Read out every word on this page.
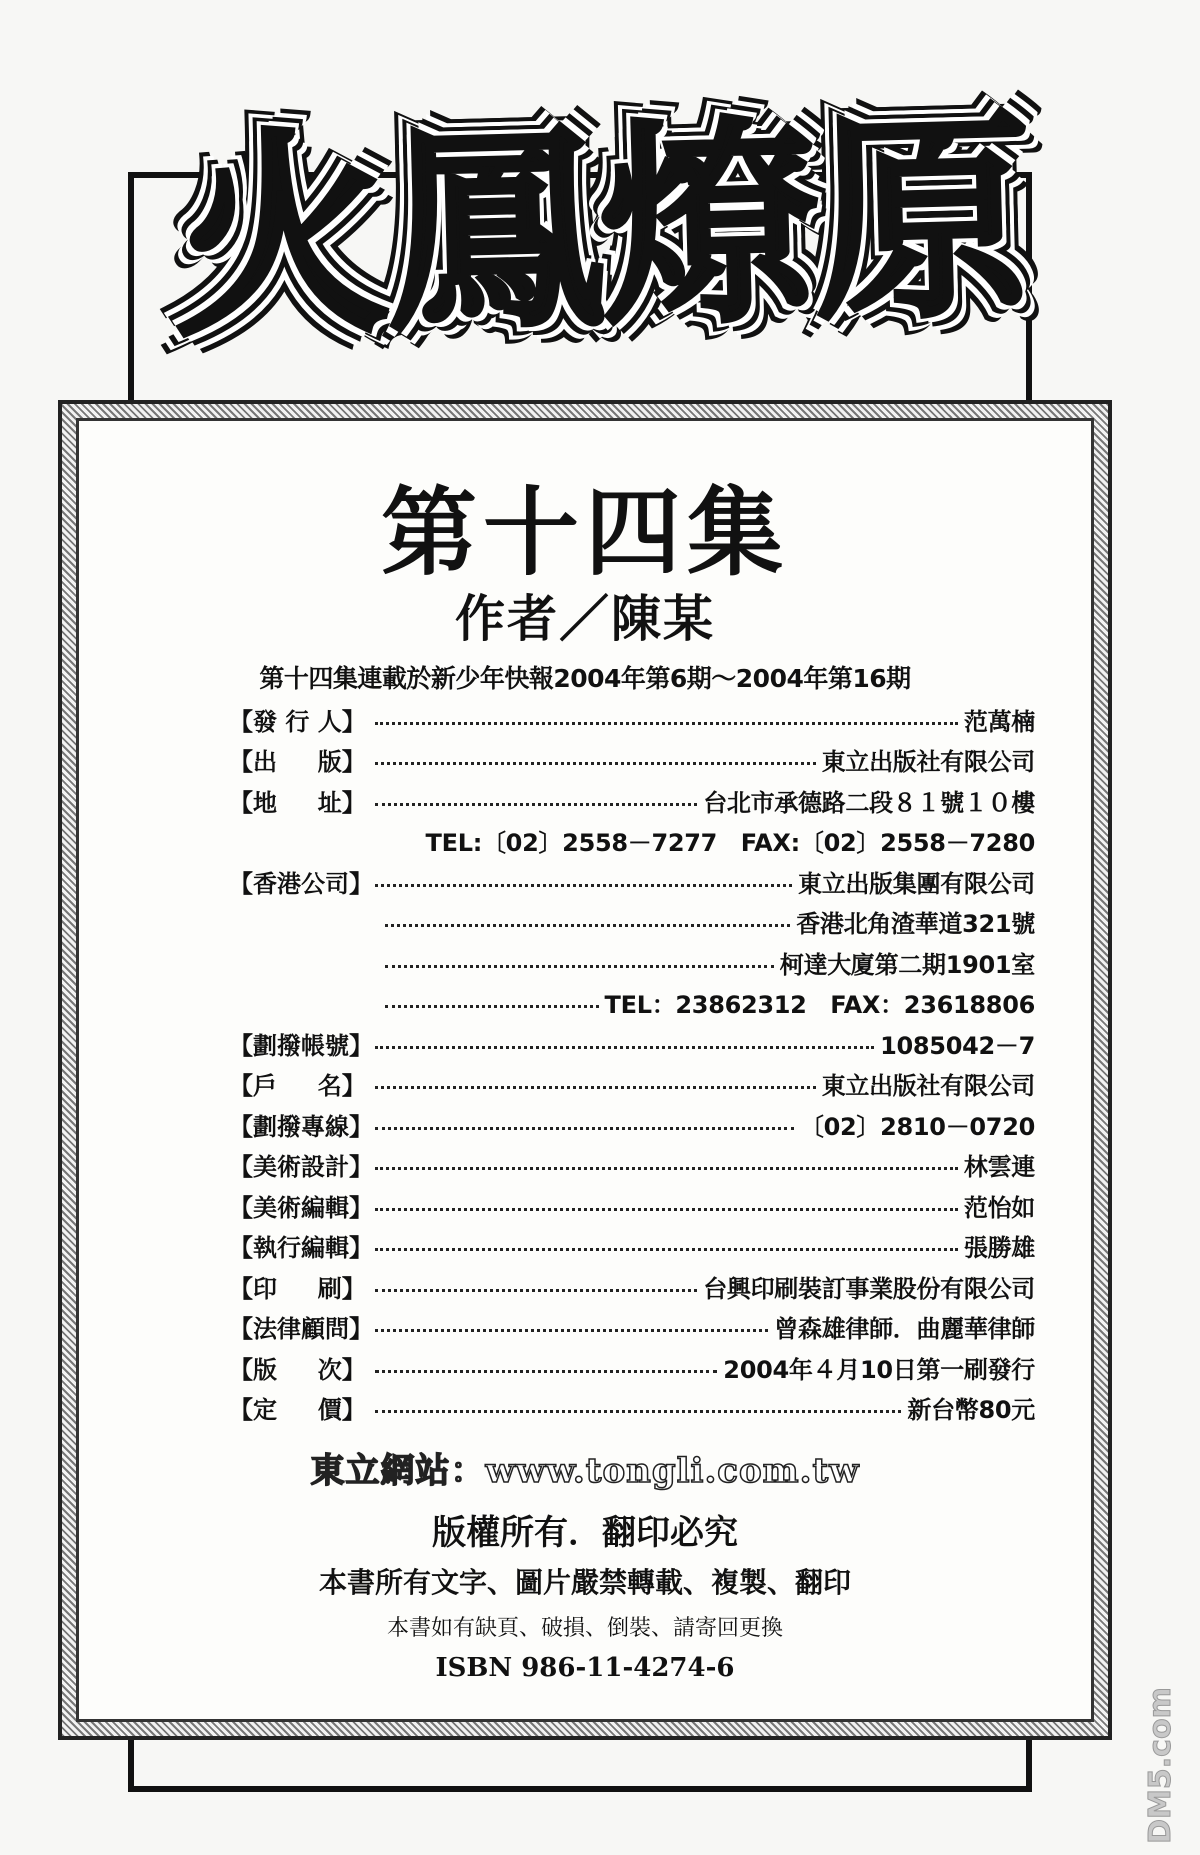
火鳳燎原
第十四集
作者／陳某
第十四集連載於新少年快報2004年第6期～2004年第16期
【發 行 人】	范萬楠
【出 　 版】	東立出版社有限公司
【地 　 址】	台北市承德路二段８１號１０樓
TEL:〔02〕2558－7277　FAX:〔02〕2558－7280
【香港公司】	東立出版集團有限公司
香港北角渣華道321號
柯達大廈第二期1901室
TEL：23862312　FAX：23618806
【劃撥帳號】	1085042－7
【戶 　 名】	東立出版社有限公司
【劃撥專線】	〔02〕2810－0720
【美術設計】	林雲連
【美術編輯】	范怡如
【執行編輯】	張勝雄
【印 　 刷】	台興印刷裝訂事業股份有限公司
【法律顧問】	曾森雄律師．曲麗華律師
【版 　 次】	2004年４月10日第一刷發行
【定 　 價】	新台幣80元
東立網站：www.tongli.com.tw
版權所有．翻印必究
本書所有文字、圖片嚴禁轉載、複製、翻印
本書如有缺頁、破損、倒裝、請寄回更換
ISBN 986-11-4274-6
DM5.com
